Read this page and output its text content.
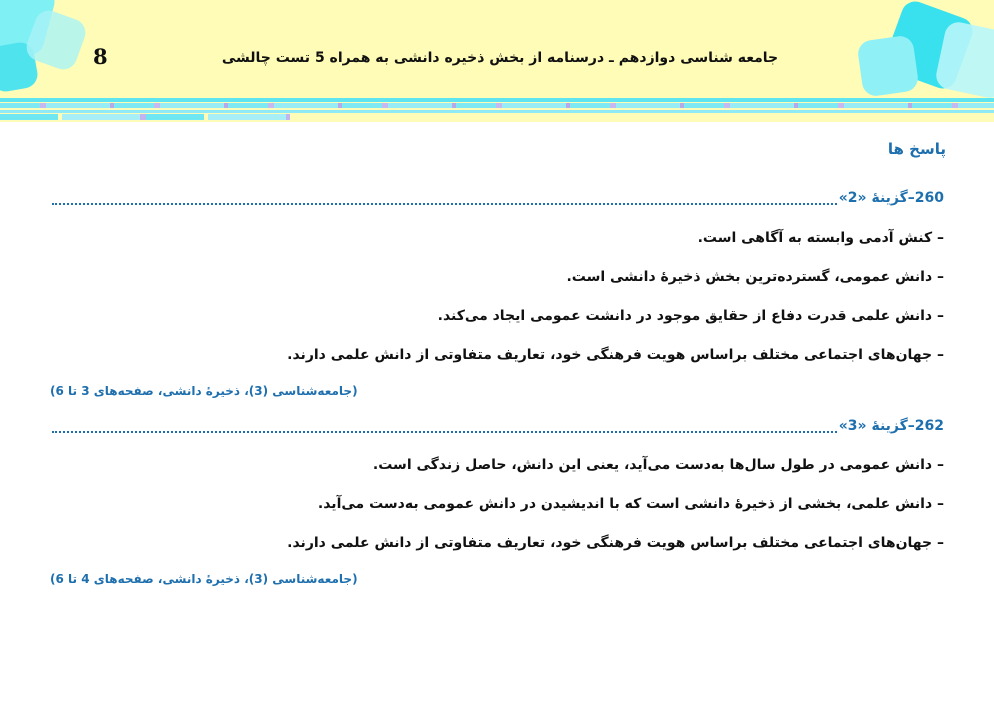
8	جامعه شناسی دوازدهم ـ درسنامه از بخش ذخیره دانشی به همراه 5 تست چالشی
پاسخ ها
260–گزینۀ «2»
– کنش آدمی وابسته به آگاهی است.
– دانش عمومی، گسترده‌ترین بخش ذخیرۀ دانشی است.
– دانش علمی قدرت دفاع از حقایق موجود در دانشت عمومی ایجاد می‌کند.
– جهان‌های اجتماعی مختلف براساس هویت فرهنگی خود، تعاریف متفاوتی از دانش علمی دارند.
(جامعه‌شناسی (3)، ذخیرۀ دانشی، صفحه‌های 3 تا 6)
262–گزینۀ «3»
– دانش عمومی در طول سال‌ها به‌دست می‌آید، یعنی این دانش، حاصل زندگی است.
– دانش علمی، بخشی از ذخیرۀ دانشی است که با اندیشیدن در دانش عمومی به‌دست می‌آید.
– جهان‌های اجتماعی مختلف براساس هویت فرهنگی خود، تعاریف متفاوتی از دانش علمی دارند.
(جامعه‌شناسی (3)، ذخیرۀ دانشی، صفحه‌های 4 تا 6)
